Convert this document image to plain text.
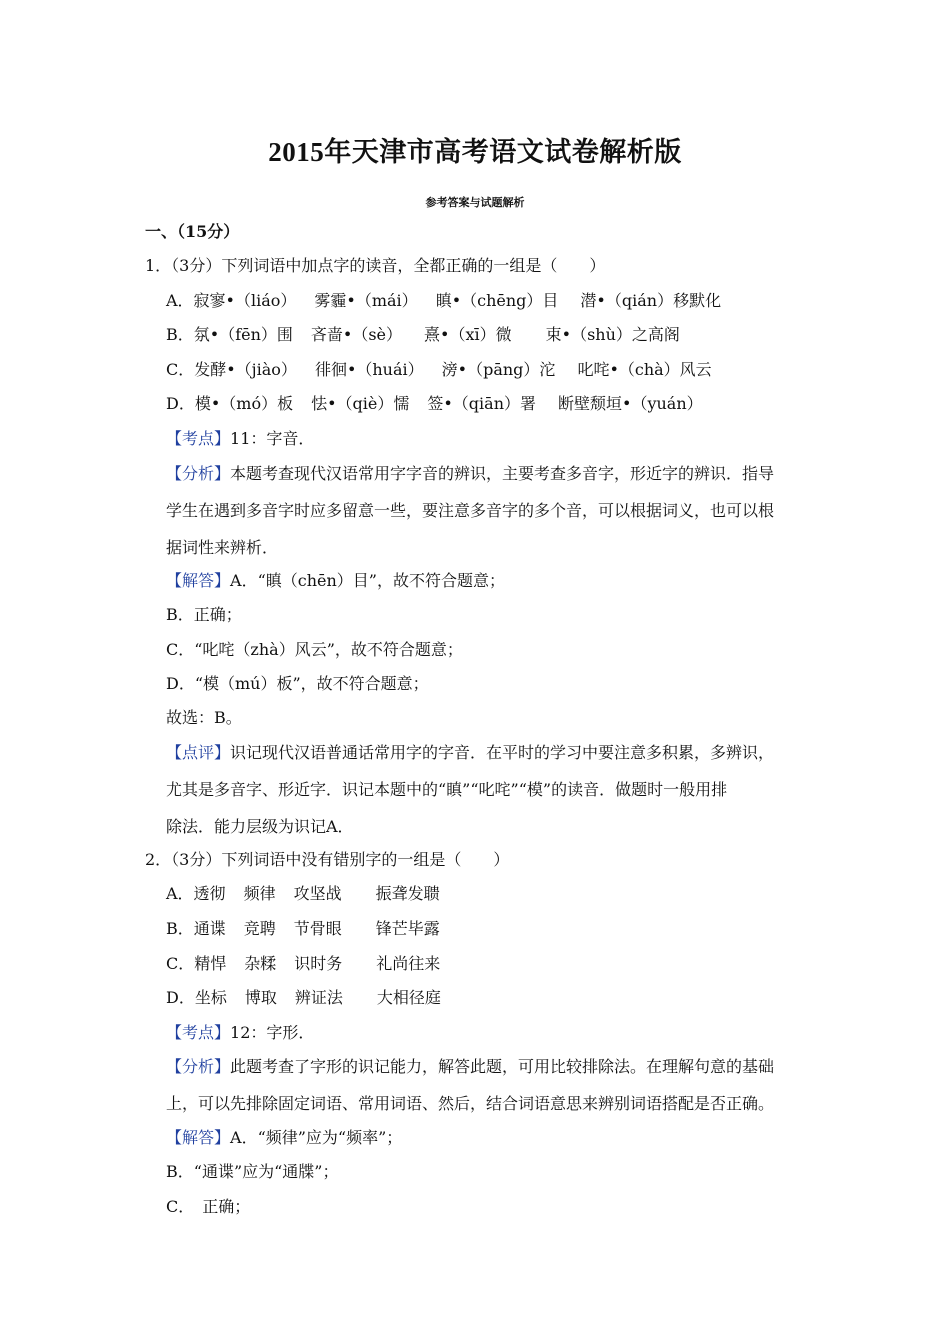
2015年天津市高考语文试卷解析版
参考答案与试题解析
一、（15分）
1．（3分）下列词语中加点字的读音，全都正确的一组是（　　）
A．寂寥•（liáo） 雾霾•（mái） 瞋•（chēng）目 潜•（qián）移默化
B．氛•（fēn）围 吝啬•（sè） 熹•（xī）微 束•（shù）之高阁
C．发酵•（jiào） 徘徊•（huái） 滂•（pāng）沱 叱咤•（chà）风云
D．模•（mó）板 怯•（qiè）懦 签•（qiān）署 断壁颓垣•（yuán）
【考点】11：字音．
【分析】本题考查现代汉语常用字字音的辨识，主要考查多音字，形近字的辨识．指导
学生在遇到多音字时应多留意一些，要注意多音字的多个音，可以根据词义，也可以根
据词性来辨析．
【解答】A．“瞋（chēn）目”，故不符合题意；
B．正确；
C．“叱咤（zhà）风云”，故不符合题意；
D．“模（mú）板”，故不符合题意；
故选：B。
【点评】识记现代汉语普通话常用字的字音．在平时的学习中要注意多积累，多辨识，
尤其是多音字、形近字．识记本题中的“瞋”“叱咤”“模”的读音．做题时一般用排
除法．能力层级为识记A．
2．（3分）下列词语中没有错别字的一组是（　　）
A．透彻 频律 攻坚战 振聋发聩
B．通谍 竞聘 节骨眼 锋芒毕露
C．精悍 杂糅 识时务 礼尚往来
D．坐标 博取 辨证法 大相径庭
【考点】12：字形．
【分析】此题考查了字形的识记能力，解答此题，可用比较排除法。在理解句意的基础
上，可以先排除固定词语、常用词语、然后，结合词语意思来辨别词语搭配是否正确。
【解答】A．“频律”应为“频率”；
B．“通谍”应为“通牒”；
C．　正确；
